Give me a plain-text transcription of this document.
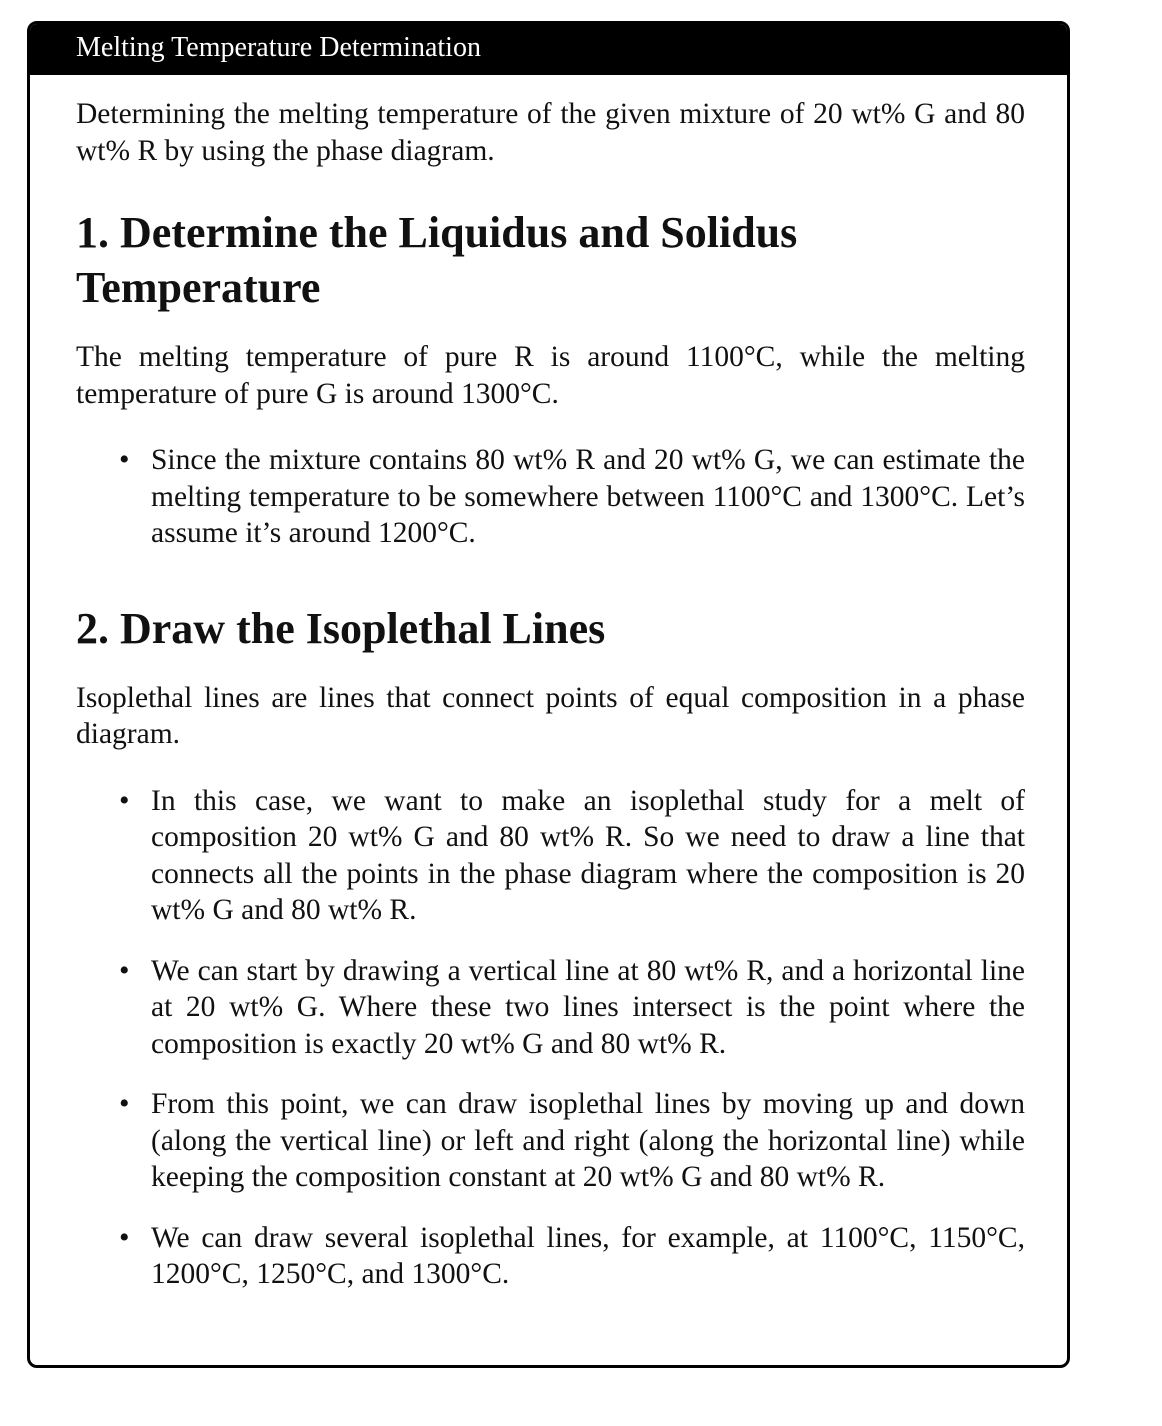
Melting Temperature Determination

Determining the melting temperature of the given mixture of 20 wt% G and 80 wt% R by using the phase diagram.

1. Determine the Liquidus and Solidus Temperature

The melting temperature of pure R is around 1100°C, while the melting temperature of pure G is around 1300°C.

• Since the mixture contains 80 wt% R and 20 wt% G, we can estimate the melting temperature to be somewhere between 1100°C and 1300°C. Let’s assume it’s around 1200°C.
2. Draw the Isoplethal Lines

Isoplethal lines are lines that connect points of equal composition in a phase diagram.

• In this case, we want to make an isoplethal study for a melt of composition 20 wt% G and 80 wt% R. So we need to draw a line that connects all the points in the phase diagram where the composition is 20 wt% G and 80 wt% R.
• We can start by drawing a vertical line at 80 wt% R, and a horizontal line at 20 wt% G. Where these two lines intersect is the point where the composition is exactly 20 wt% G and 80 wt% R.
• From this point, we can draw isoplethal lines by moving up and down (along the vertical line) or left and right (along the horizontal line) while keeping the composition constant at 20 wt% G and 80 wt% R.
• We can draw several isoplethal lines, for example, at 1100°C, 1150°C, 1200°C, 1250°C, and 1300°C.
